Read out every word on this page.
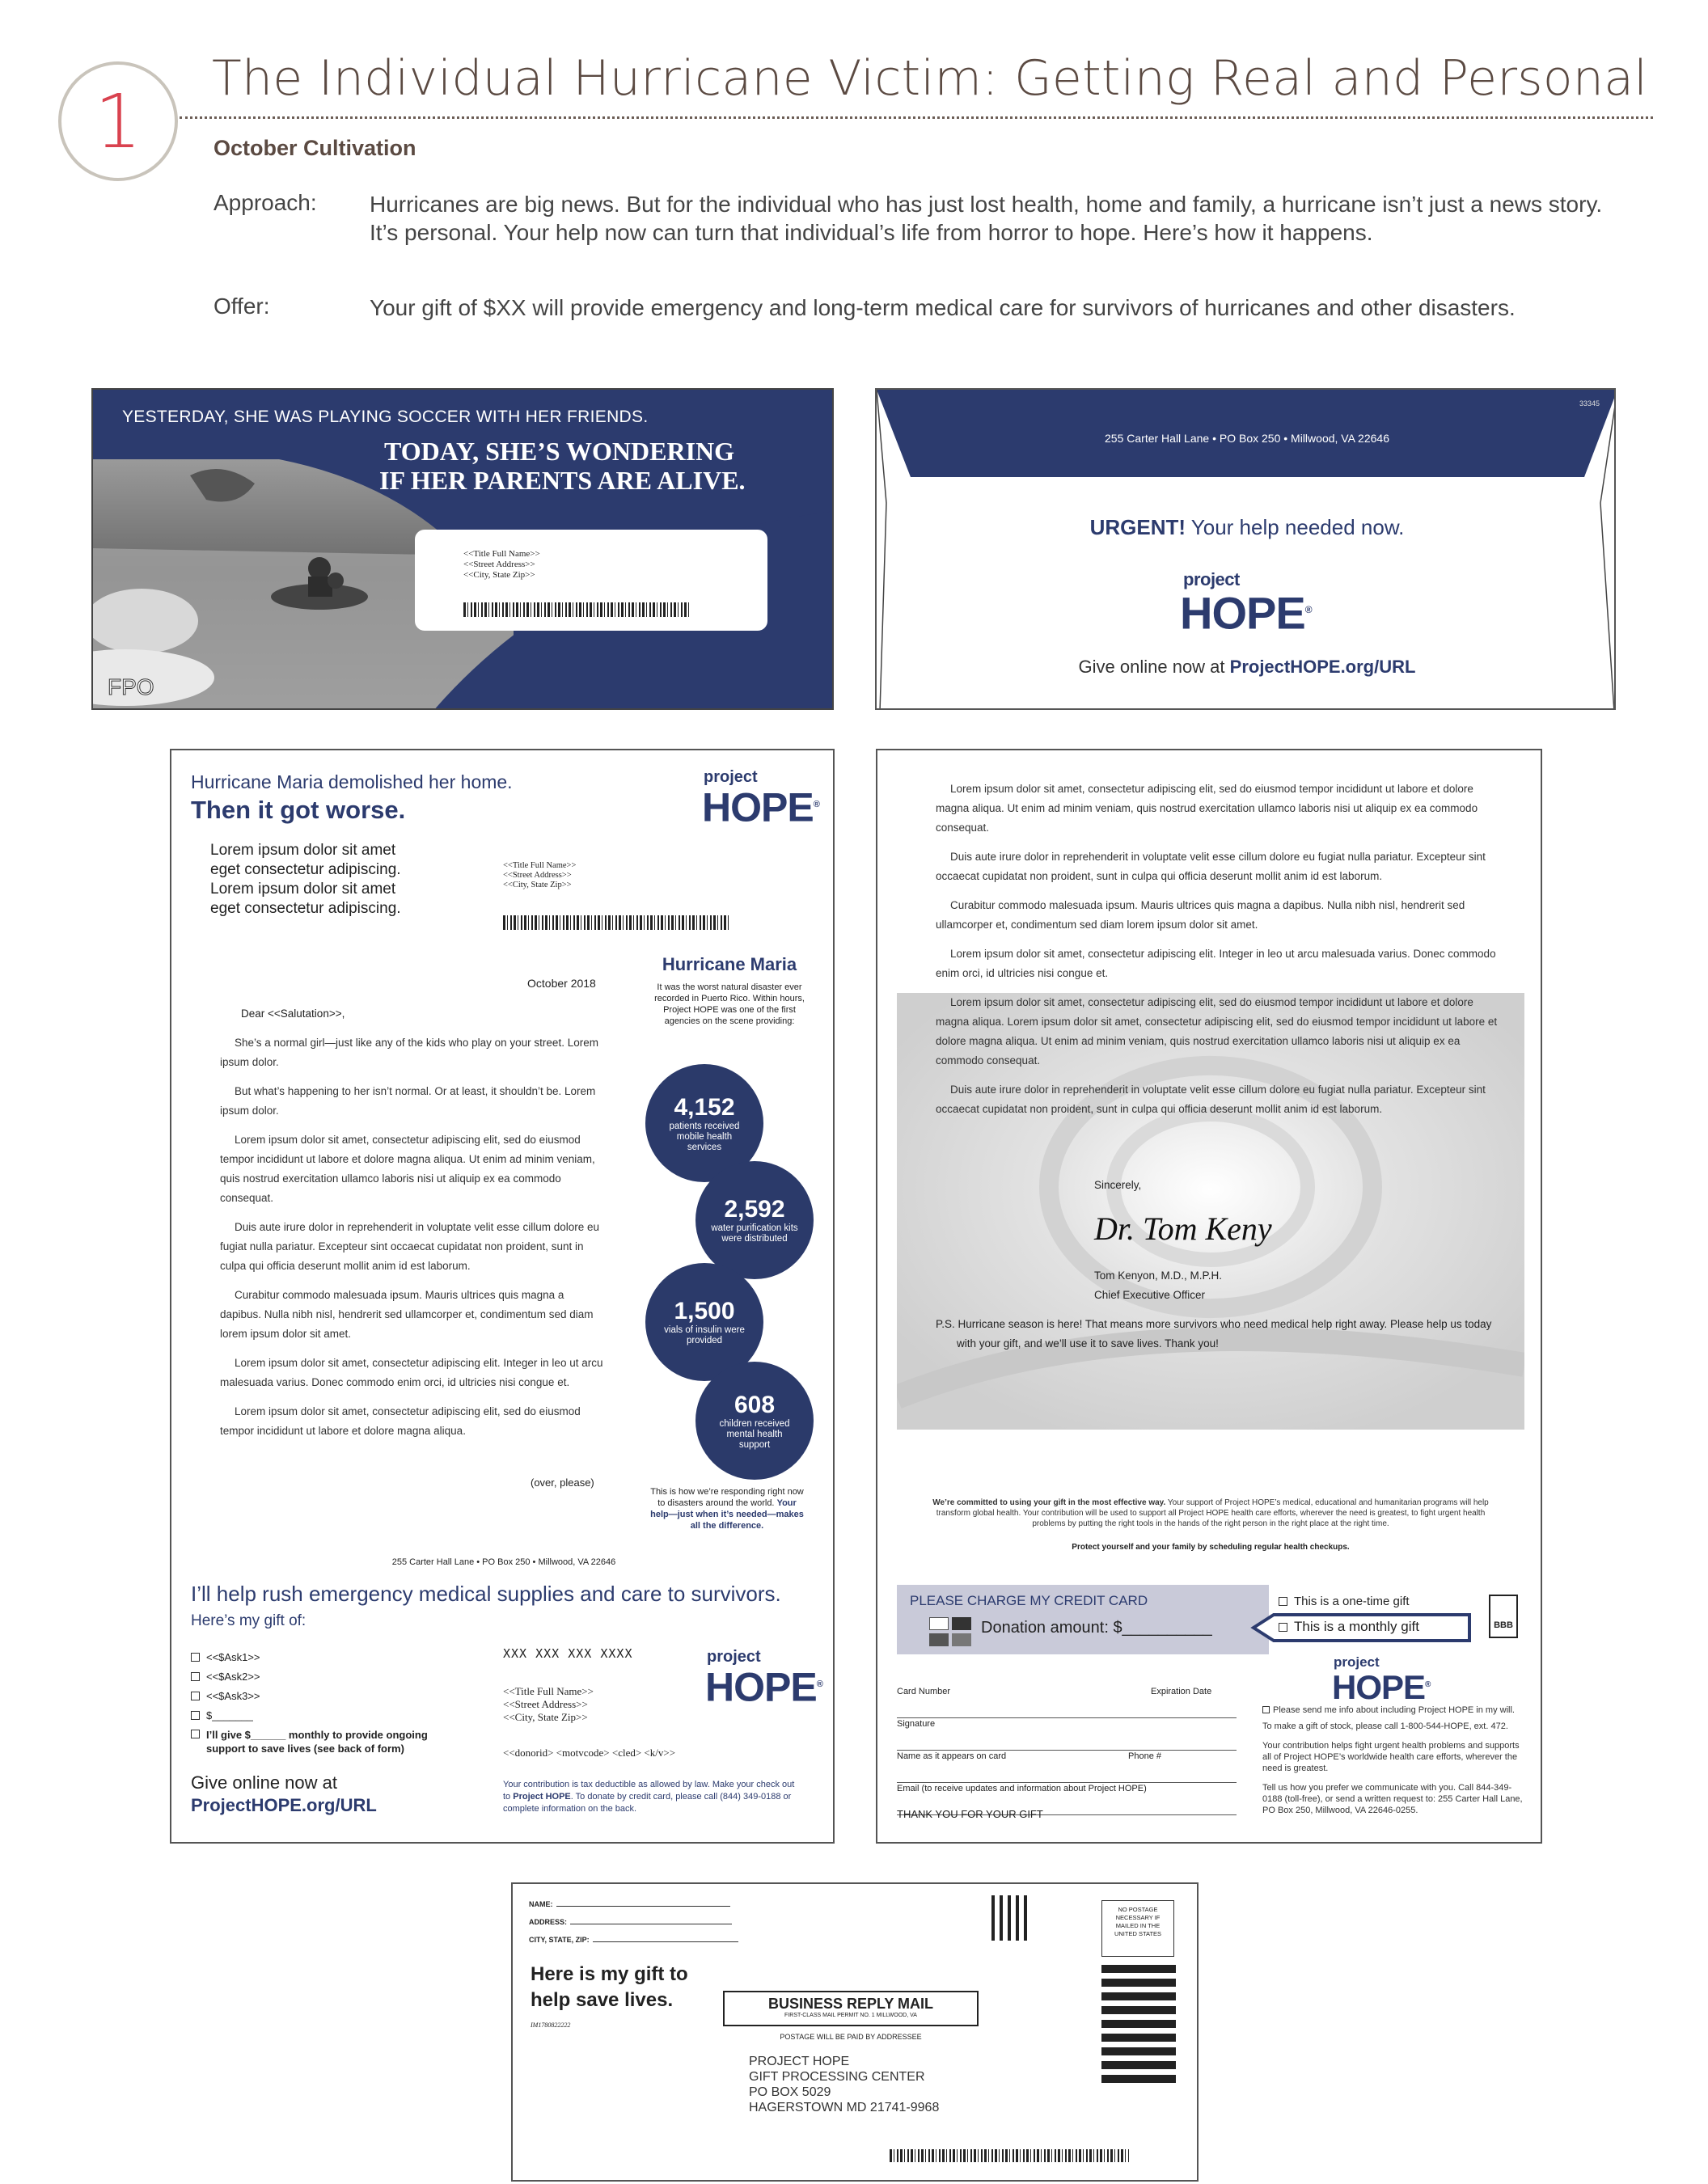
1	The Individual Hurricane Victim: Getting Real and Personal
October Cultivation
Approach: Hurricanes are big news. But for the individual who has just lost health, home and family, a hurricane isn’t just a news story. It’s personal. Your help now can turn that individual’s life from horror to hope. Here’s how it happens.
Offer:	Your gift of $XX will provide emergency and long-term medical care for survivors of hurricanes and other disasters.
YESTERDAY, SHE WAS PLAYING SOCCER WITH HER FRIENDS.
TODAY, SHE’S WONDERING
IF HER PARENTS ARE ALIVE.
<<Title Full Name>>
<<Street Address>>
<<City, State Zip>>
FPO
33345
255 Carter Hall Lane • PO Box 250 • Millwood, VA 22646
URGENT! Your help needed now.
project
HOPE®
Give online now at ProjectHOPE.org/URL
Hurricane Maria demolished her home.
Then it got worse.
project
HOPE®
Lorem ipsum dolor sit amet
eget consectetur adipiscing.
Lorem ipsum dolor sit amet
eget consectetur adipiscing.
<<Title Full Name>>
<<Street Address>>
<<City, State Zip>>
October 2018
Dear <<Salutation>>,

She’s a normal girl—just like any of the kids who play on your street. Lorem ipsum dolor.

But what’s happening to her isn’t normal. Or at least, it shouldn’t be. Lorem ipsum dolor.

Lorem ipsum dolor sit amet, consectetur adipiscing elit, sed do eiusmod tempor incididunt ut labore et dolore magna aliqua. Ut enim ad minim veniam, quis nostrud exercitation ullamco laboris nisi ut aliquip ex ea commodo consequat.

Duis aute irure dolor in reprehenderit in voluptate velit esse cillum dolore eu fugiat nulla pariatur. Excepteur sint occaecat cupidatat non proident, sunt in culpa qui officia deserunt mollit anim id est laborum.

Curabitur commodo malesuada ipsum. Mauris ultrices quis magna a dapibus. Nulla nibh nisl, hendrerit sed ullamcorper et, condimentum sed diam lorem ipsum dolor sit amet.

Lorem ipsum dolor sit amet, consectetur adipiscing elit. Integer in leo ut arcu malesuada varius. Donec commodo enim orci, id ultricies nisi congue et.

Lorem ipsum dolor sit amet, consectetur adipiscing elit, sed do eiusmod tempor incididunt ut labore et dolore magna aliqua.

(over, please)
Hurricane Maria
It was the worst natural disaster ever recorded in Puerto Rico. Within hours, Project HOPE was one of the first agencies on the scene providing:
4,152
patients received mobile health services
2,592
water purification kits were distributed
1,500
vials of insulin were provided
608
children received mental health support
This is how we’re responding right now to disasters around the world. Your help—just when it’s needed—makes all the difference.
255 Carter Hall Lane • PO Box 250 • Millwood, VA 22646
I’ll help rush emergency medical supplies and care to survivors.
Here’s my gift of:
<<$Ask1>>
<<$Ask2>>
<<$Ask3>>
$_______
I’ll give $______ monthly to provide ongoing support to save lives (see back of form)
XXX XXX XXX XXXX	project
HOPE®
<<Title Full Name>>
<<Street Address>>
<<City, State Zip>>
<<donorid> <motvcode> <cled> <k/v>>
Give online now at
ProjectHOPE.org/URL
Your contribution is tax deductible as allowed by law. Make your check out to Project HOPE. To donate by credit card, please call (844) 349-0188 or complete information on the back.

Lorem ipsum dolor sit amet, consectetur adipiscing elit, sed do eiusmod tempor incididunt ut labore et dolore magna aliqua. Ut enim ad minim veniam, quis nostrud exercitation ullamco laboris nisi ut aliquip ex ea commodo consequat.

Duis aute irure dolor in reprehenderit in voluptate velit esse cillum dolore eu fugiat nulla pariatur. Excepteur sint occaecat cupidatat non proident, sunt in culpa qui officia deserunt mollit anim id est laborum.

Curabitur commodo malesuada ipsum. Mauris ultrices quis magna a dapibus. Nulla nibh nisl, hendrerit sed ullamcorper et, condimentum sed diam lorem ipsum dolor sit amet.

Lorem ipsum dolor sit amet, consectetur adipiscing elit. Integer in leo ut arcu malesuada varius. Donec commodo enim orci, id ultricies nisi congue et.

Lorem ipsum dolor sit amet, consectetur adipiscing elit, sed do eiusmod tempor incididunt ut labore et dolore magna aliqua. Lorem ipsum dolor sit amet, consectetur adipiscing elit, sed do eiusmod tempor incididunt ut labore et dolore magna aliqua. Ut enim ad minim veniam, quis nostrud exercitation ullamco laboris nisi ut aliquip ex ea commodo consequat.

Duis aute irure dolor in reprehenderit in voluptate velit esse cillum dolore eu fugiat nulla pariatur. Excepteur sint occaecat cupidatat non proident, sunt in culpa qui officia deserunt mollit anim id est laborum.

Sincerely,
Dr. Tom Keny
Tom Kenyon, M.D., M.P.H.
Chief Executive Officer
P.S. Hurricane season is here! That means more survivors who need medical help right away. Please help us today with your gift, and we’ll use it to save lives. Thank you!
We’re committed to using your gift in the most effective way. Your support of Project HOPE’s medical, educational and humanitarian programs will help transform global health. Your contribution will be used to support all Project HOPE health care efforts, wherever the need is greatest, to fight urgent health problems by putting the right tools in the hands of the right person in the right place at the right time.
Protect yourself and your family by scheduling regular health checkups.
PLEASE CHARGE MY CREDIT CARD
Donation amount: $__________
This is a one-time gift
This is a monthly gift	BBB
project
HOPE®
Card Number	Expiration Date
Signature
Name as it appears on card	Phone #
Email (to receive updates and information about Project HOPE)
THANK YOU FOR YOUR GIFT
Please send me info about including Project HOPE in my will.
To make a gift of stock, please call 1-800-544-HOPE, ext. 472.
Your contribution helps fight urgent health problems and supports all of Project HOPE’s worldwide health care efforts, wherever the need is greatest.
Tell us how you prefer we communicate with you. Call 844-349-0188 (toll-free), or send a written request to: 255 Carter Hall Lane, PO Box 250, Millwood, VA 22646-0255.
NAME:
ADDRESS:
CITY, STATE, ZIP:
Here is my gift to
help save lives.
IM1780822222
NO POSTAGE NECESSARY IF MAILED IN THE UNITED STATES
BUSINESS REPLY MAIL
FIRST-CLASS MAIL PERMIT NO. 1 MILLWOOD, VA
POSTAGE WILL BE PAID BY ADDRESSEE
PROJECT HOPE
GIFT PROCESSING CENTER
PO BOX 5029
HAGERSTOWN MD 21741-9968
